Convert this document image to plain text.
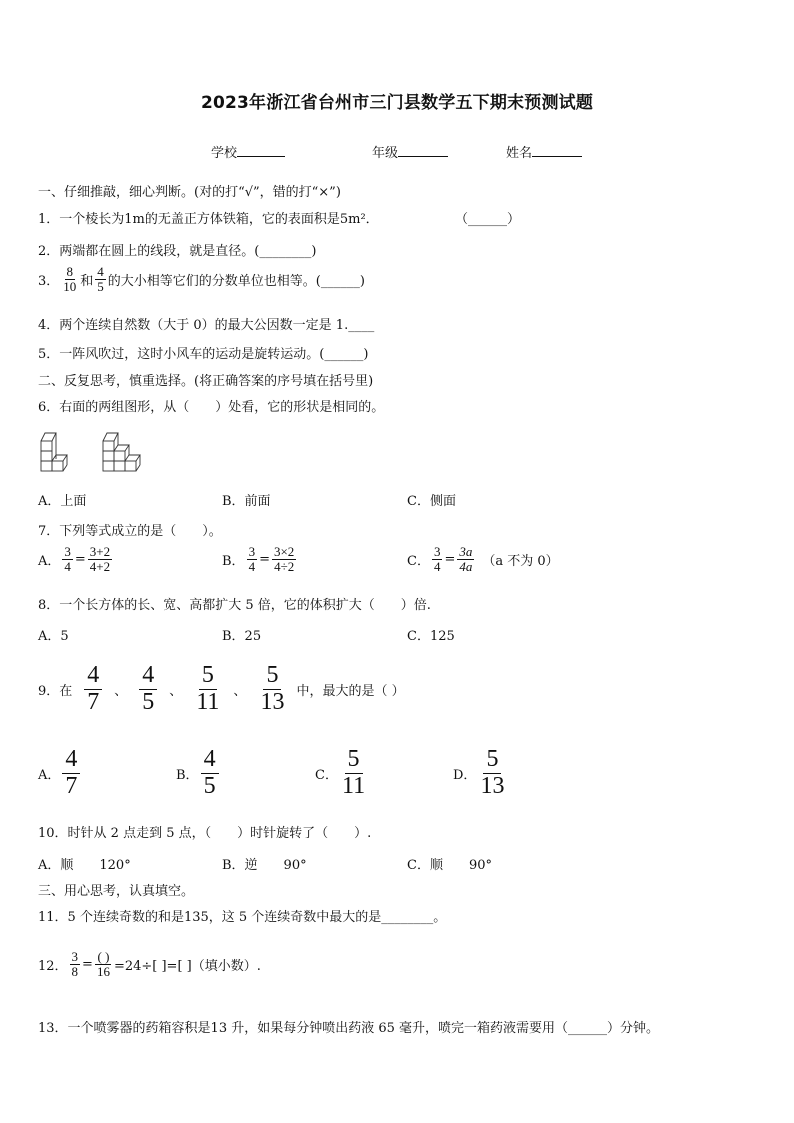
2023年浙江省台州市三门县数学五下期末预测试题
学校	年级	姓名
一、仔细推敲，细心判断。(对的打“√”，错的打“×”)
1．一个棱长为1m的无盖正方体铁箱，它的表面积是5m²．	（______）
2．两端都在圆上的线段，就是直径。(________)
3． $\frac{8}{10}$ 和 $\frac{4}{5}$ 的大小相等它们的分数单位也相等。(______)
4．两个连续自然数（大于 0）的最大公因数一定是 1.____
5．一阵风吹过，这时小风车的运动是旋转运动。(______)
二、反复思考，慎重选择。(将正确答案的序号填在括号里)
6．右面的两组图形，从（　　）处看，它的形状是相同的。
A．上面	B．前面	C．侧面
7．下列等式成立的是（　　）。
A． $\frac{3}{4} = \frac{3+2}{4+2}$	B． $\frac{3}{4} = \frac{3\times 2}{4\div 2}$	C． $\frac{3}{4} = \frac{3a}{4a} (a$ 不为 0）
8．一个长方体的长、宽、高都扩大 5 倍，它的体积扩大（　　）倍.
A．5	B．25	C．125
9．在 $\frac{4}{7}$ 、 $\frac{4}{5}$ 、 $\frac{5}{11}$ 、 $\frac{5}{13}$ 中，最大的是（ ）
A． $\frac{4}{7}$	B． $\frac{4}{5}$	C． $\frac{5}{11}$	D． $\frac{5}{13}$
10．时针从 2 点走到 5 点，（　　）时针旋转了（　　）.
A．顺　　120°	B．逆　　90°	C．顺　　90°
三、用心思考，认真填空。
11．5 个连续奇数的和是135，这 5 个连续奇数中最大的是________。
12． $\frac{3}{8} = \frac{( )}{16} =24\div$[ ]=[ ]（填小数）.
13．一个喷雾器的药箱容积是13 升，如果每分钟喷出药液 65 毫升，喷完一箱药液需要用（______）分钟。
